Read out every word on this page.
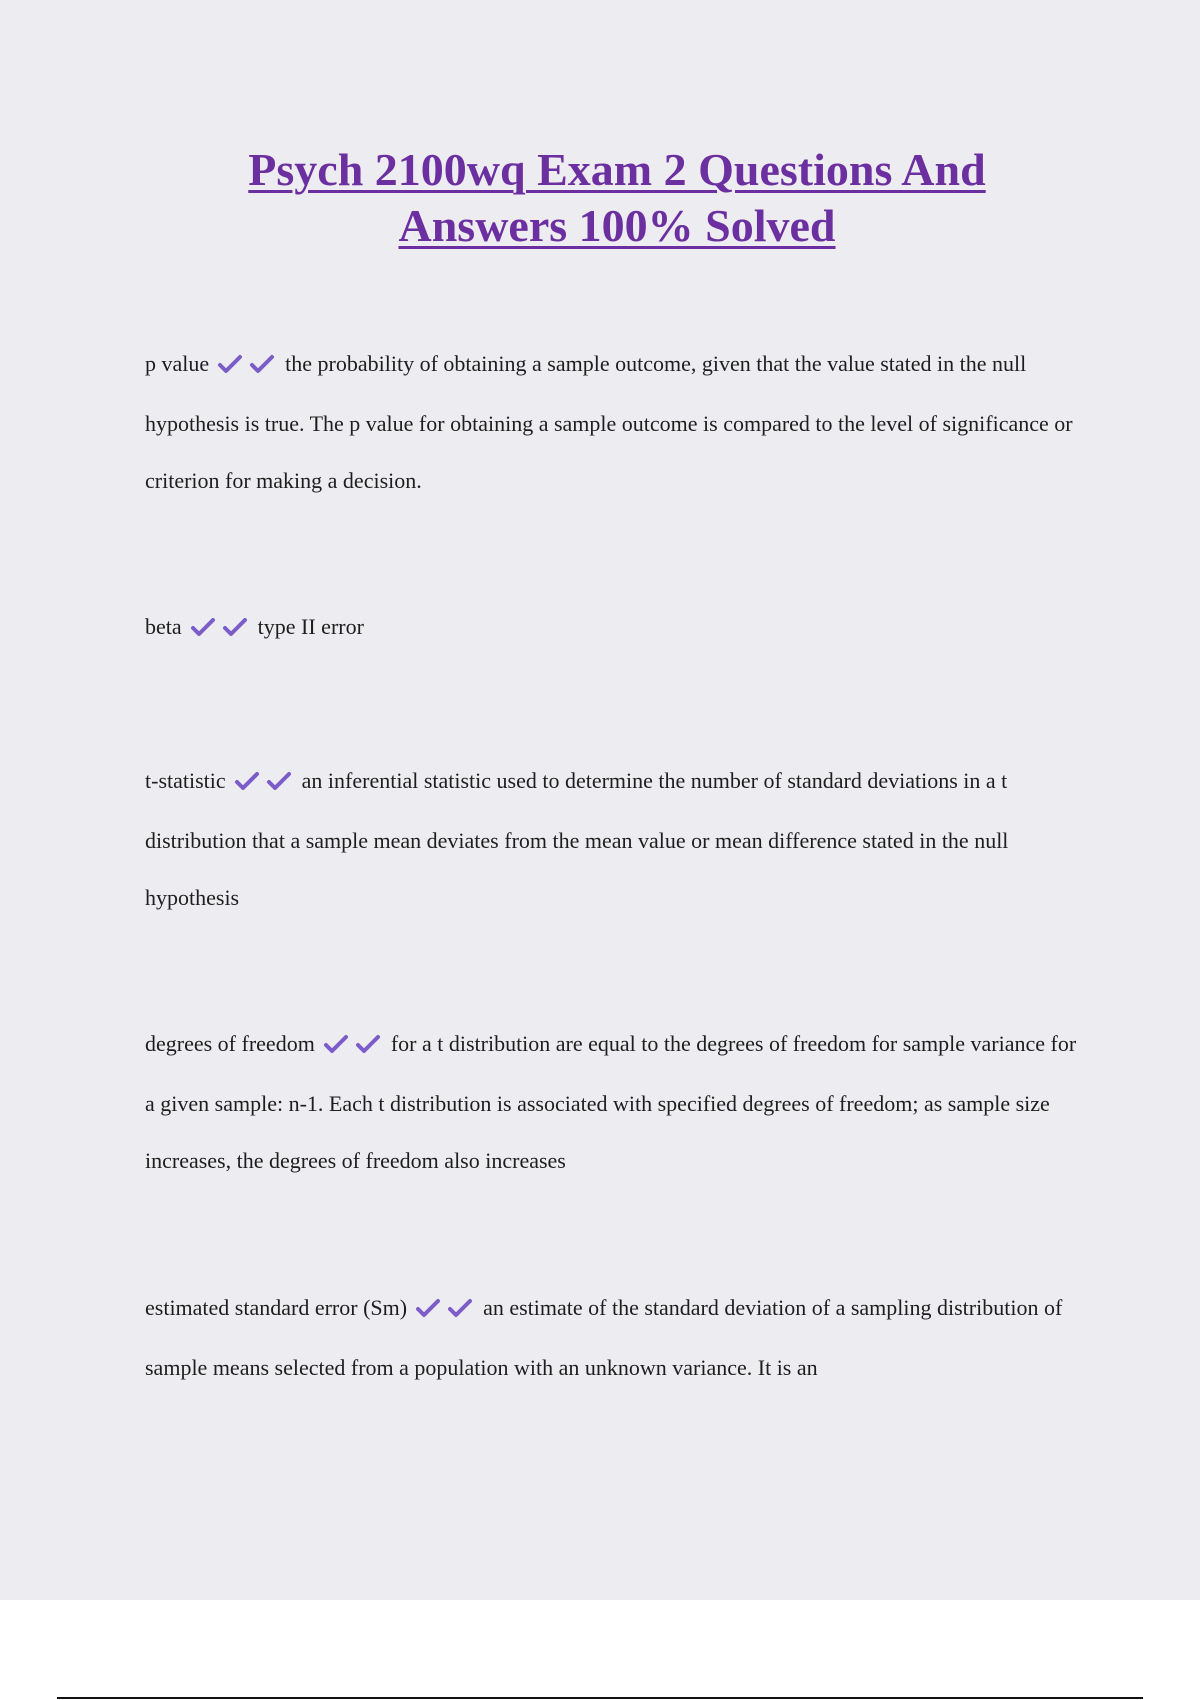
Psych 2100wq Exam 2 Questions And
Answers 100% Solved

p value	the probability of obtaining a sample outcome, given that the value stated in the null hypothesis is true. The p value for obtaining a sample outcome is compared to the level of significance or criterion for making a decision.

beta	type II error

t-statistic	an inferential statistic used to determine the number of standard deviations in a t distribution that a sample mean deviates from the mean value or mean difference stated in the null hypothesis

degrees of freedom	for a t distribution are equal to the degrees of freedom for sample variance for a given sample: n-1. Each t distribution is associated with specified degrees of freedom; as sample size increases, the degrees of freedom also increases

estimated standard error (Sm)	an estimate of the standard deviation of a sampling distribution of sample means selected from a population with an unknown variance. It is an
